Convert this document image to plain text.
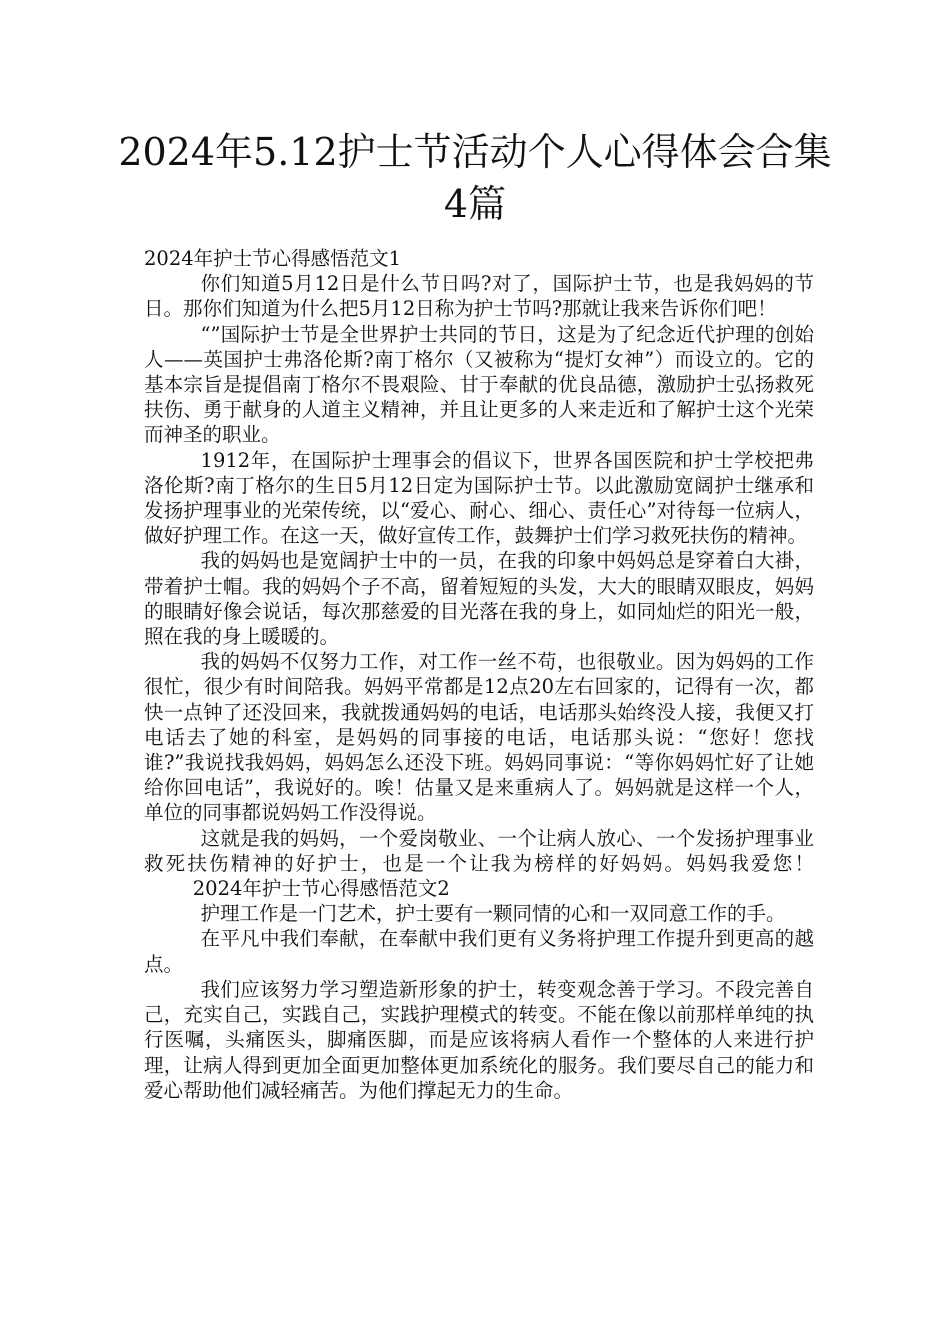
2024年5.12护士节活动个人心得体会合集
4篇

2024年护士节心得感悟范文1

你们知道5月12日是什么节日吗?对了，国际护士节，也是我妈妈的节日。那你们知道为什么把5月12日称为护士节吗?那就让我来告诉你们吧！

“”国际护士节是全世界护士共同的节日，这是为了纪念近代护理的创始人——英国护士弗洛伦斯?南丁格尔（又被称为“提灯女神”）而设立的。它的基本宗旨是提倡南丁格尔不畏艰险、甘于奉献的优良品德，激励护士弘扬救死扶伤、勇于献身的人道主义精神，并且让更多的人来走近和了解护士这个光荣而神圣的职业。

1912年，在国际护士理事会的倡议下，世界各国医院和护士学校把弗洛伦斯?南丁格尔的生日5月12日定为国际护士节。以此激励宽阔护士继承和发扬护理事业的光荣传统，以“爱心、耐心、细心、责任心”对待每一位病人，做好护理工作。在这一天，做好宣传工作，鼓舞护士们学习救死扶伤的精神。

我的妈妈也是宽阔护士中的一员，在我的印象中妈妈总是穿着白大褂，带着护士帽。我的妈妈个子不高，留着短短的头发，大大的眼睛双眼皮，妈妈的眼睛好像会说话，每次那慈爱的目光落在我的身上，如同灿烂的阳光一般，照在我的身上暖暖的。

我的妈妈不仅努力工作，对工作一丝不苟，也很敬业。因为妈妈的工作很忙，很少有时间陪我。妈妈平常都是12点20左右回家的，记得有一次，都快一点钟了还没回来，我就拨通妈妈的电话，电话那头始终没人接，我便又打电话去了她的科室，是妈妈的同事接的电话，电话那头说：“您好！您找谁?”我说找我妈妈，妈妈怎么还没下班。妈妈同事说：“等你妈妈忙好了让她给你回电话”，我说好的。唉！估量又是来重病人了。妈妈就是这样一个人，单位的同事都说妈妈工作没得说。

这就是我的妈妈，一个爱岗敬业、一个让病人放心、一个发扬护理事业救死扶伤精神的好护士，也是一个让我为榜样的好妈妈。妈妈我爱您！2024年护士节心得感悟范文2

护理工作是一门艺术，护士要有一颗同情的心和一双同意工作的手。

在平凡中我们奉献，在奉献中我们更有义务将护理工作提升到更高的越点。

我们应该努力学习塑造新形象的护士，转变观念善于学习。不段完善自己，充实自己，实践自己，实践护理模式的转变。不能在像以前那样单纯的执行医嘱，头痛医头，脚痛医脚，而是应该将病人看作一个整体的人来进行护理，让病人得到更加全面更加整体更加系统化的服务。我们要尽自己的能力和爱心帮助他们减轻痛苦。为他们撑起无力的生命。
